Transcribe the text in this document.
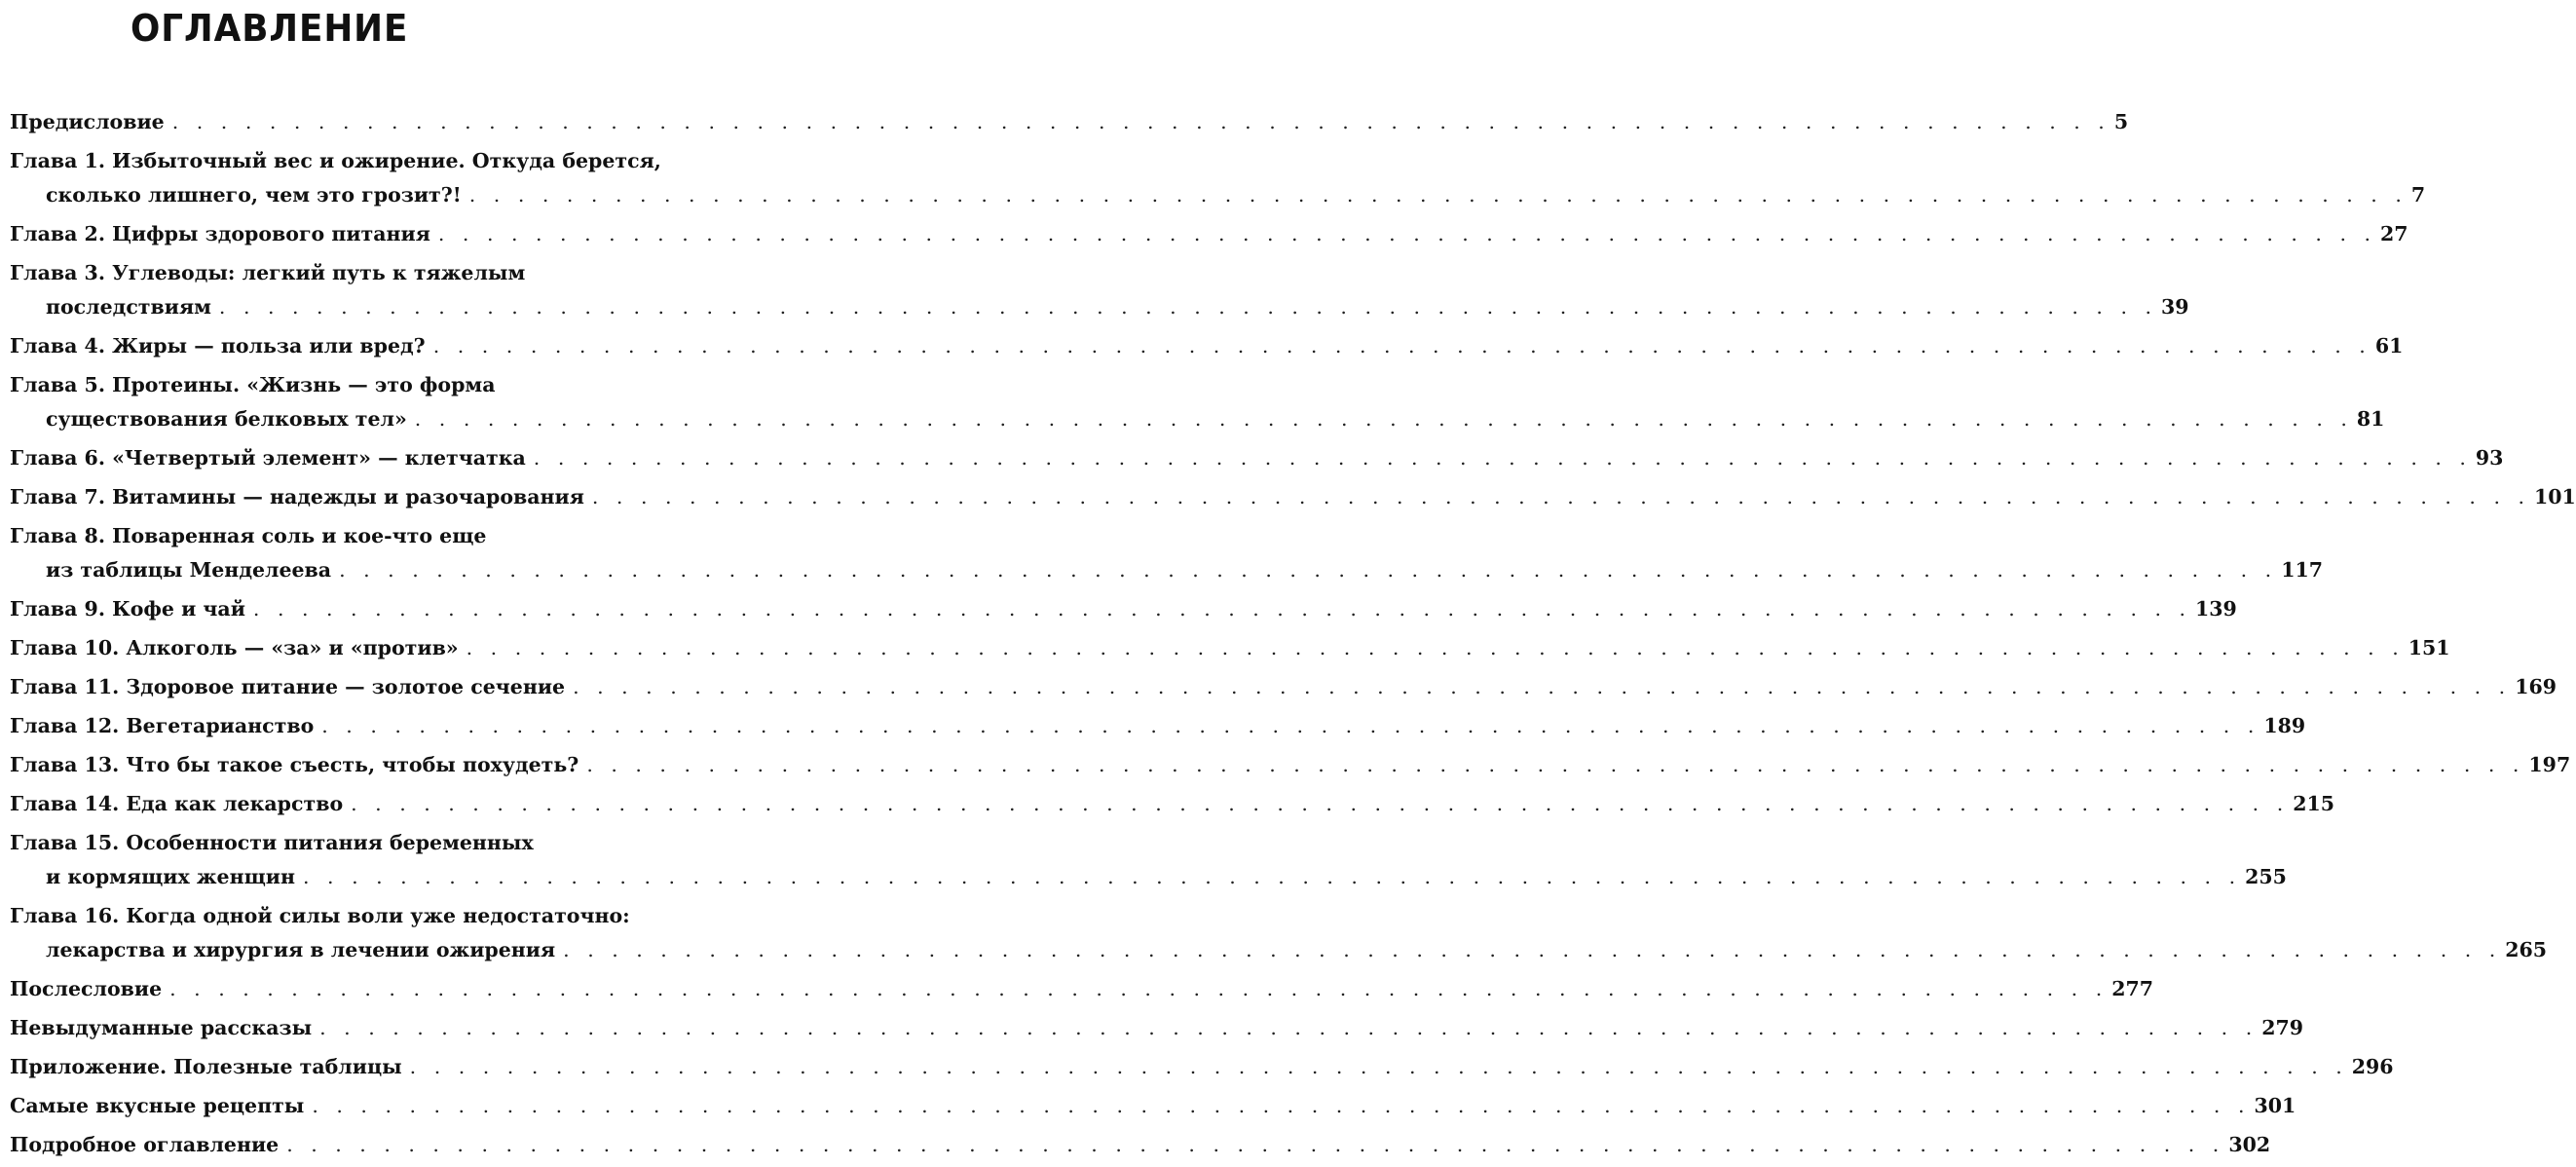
ОГЛАВЛЕНИЕ
Предисловие . . . . . . . . . . . . . . . . . . . . . . . . . . . . . . . . . . . . . . . . . . . . . . . . . . . . . . . . . . . . . . . . . . . . . . . . . . . . . . . . 5
Глава 1. Избыточный вес и ожирение. Откуда берется,
сколько лишнего, чем это грозит?! . . . . . . . . . . . . . . . . . . . . . . . . . . . . . . . . . . . . . . . . . . . . . . . . . . . . . . . . . . . . . . . . . . . . . . . . . . . . . . . . 7
Глава 2. Цифры здорового питания . . . . . . . . . . . . . . . . . . . . . . . . . . . . . . . . . . . . . . . . . . . . . . . . . . . . . . . . . . . . . . . . . . . . . . . . . . . . . . . . 27
Глава 3. Углеводы: легкий путь к тяжелым
последствиям . . . . . . . . . . . . . . . . . . . . . . . . . . . . . . . . . . . . . . . . . . . . . . . . . . . . . . . . . . . . . . . . . . . . . . . . . . . . . . . . 39
Глава 4. Жиры — польза или вред? . . . . . . . . . . . . . . . . . . . . . . . . . . . . . . . . . . . . . . . . . . . . . . . . . . . . . . . . . . . . . . . . . . . . . . . . . . . . . . . . 61
Глава 5. Протеины. «Жизнь — это форма
существования белковых тел» . . . . . . . . . . . . . . . . . . . . . . . . . . . . . . . . . . . . . . . . . . . . . . . . . . . . . . . . . . . . . . . . . . . . . . . . . . . . . . . . 81
Глава 6. «Четвертый элемент» — клетчатка . . . . . . . . . . . . . . . . . . . . . . . . . . . . . . . . . . . . . . . . . . . . . . . . . . . . . . . . . . . . . . . . . . . . . . . . . . . . . . . . 93
Глава 7. Витамины — надежды и разочарования . . . . . . . . . . . . . . . . . . . . . . . . . . . . . . . . . . . . . . . . . . . . . . . . . . . . . . . . . . . . . . . . . . . . . . . . . . . . . . . . 101
Глава 8. Поваренная соль и кое-что еще
из таблицы Менделеева . . . . . . . . . . . . . . . . . . . . . . . . . . . . . . . . . . . . . . . . . . . . . . . . . . . . . . . . . . . . . . . . . . . . . . . . . . . . . . . . 117
Глава 9. Кофе и чай . . . . . . . . . . . . . . . . . . . . . . . . . . . . . . . . . . . . . . . . . . . . . . . . . . . . . . . . . . . . . . . . . . . . . . . . . . . . . . . . 139
Глава 10. Алкоголь — «за» и «против» . . . . . . . . . . . . . . . . . . . . . . . . . . . . . . . . . . . . . . . . . . . . . . . . . . . . . . . . . . . . . . . . . . . . . . . . . . . . . . . . 151
Глава 11. Здоровое питание — золотое сечение . . . . . . . . . . . . . . . . . . . . . . . . . . . . . . . . . . . . . . . . . . . . . . . . . . . . . . . . . . . . . . . . . . . . . . . . . . . . . . . . 169
Глава 12. Вегетарианство . . . . . . . . . . . . . . . . . . . . . . . . . . . . . . . . . . . . . . . . . . . . . . . . . . . . . . . . . . . . . . . . . . . . . . . . . . . . . . . . 189
Глава 13. Что бы такое съесть, чтобы похудеть? . . . . . . . . . . . . . . . . . . . . . . . . . . . . . . . . . . . . . . . . . . . . . . . . . . . . . . . . . . . . . . . . . . . . . . . . . . . . . . . . 197
Глава 14. Еда как лекарство . . . . . . . . . . . . . . . . . . . . . . . . . . . . . . . . . . . . . . . . . . . . . . . . . . . . . . . . . . . . . . . . . . . . . . . . . . . . . . . . 215
Глава 15. Особенности питания беременных
и кормящих женщин . . . . . . . . . . . . . . . . . . . . . . . . . . . . . . . . . . . . . . . . . . . . . . . . . . . . . . . . . . . . . . . . . . . . . . . . . . . . . . . . 255
Глава 16. Когда одной силы воли уже недостаточно:
лекарства и хирургия в лечении ожирения . . . . . . . . . . . . . . . . . . . . . . . . . . . . . . . . . . . . . . . . . . . . . . . . . . . . . . . . . . . . . . . . . . . . . . . . . . . . . . . . 265
Послесловие . . . . . . . . . . . . . . . . . . . . . . . . . . . . . . . . . . . . . . . . . . . . . . . . . . . . . . . . . . . . . . . . . . . . . . . . . . . . . . . . 277
Невыдуманные рассказы . . . . . . . . . . . . . . . . . . . . . . . . . . . . . . . . . . . . . . . . . . . . . . . . . . . . . . . . . . . . . . . . . . . . . . . . . . . . . . . . 279
Приложение. Полезные таблицы . . . . . . . . . . . . . . . . . . . . . . . . . . . . . . . . . . . . . . . . . . . . . . . . . . . . . . . . . . . . . . . . . . . . . . . . . . . . . . . . 296
Самые вкусные рецепты . . . . . . . . . . . . . . . . . . . . . . . . . . . . . . . . . . . . . . . . . . . . . . . . . . . . . . . . . . . . . . . . . . . . . . . . . . . . . . . . 301
Подробное оглавление . . . . . . . . . . . . . . . . . . . . . . . . . . . . . . . . . . . . . . . . . . . . . . . . . . . . . . . . . . . . . . . . . . . . . . . . . . . . . . . . 302
